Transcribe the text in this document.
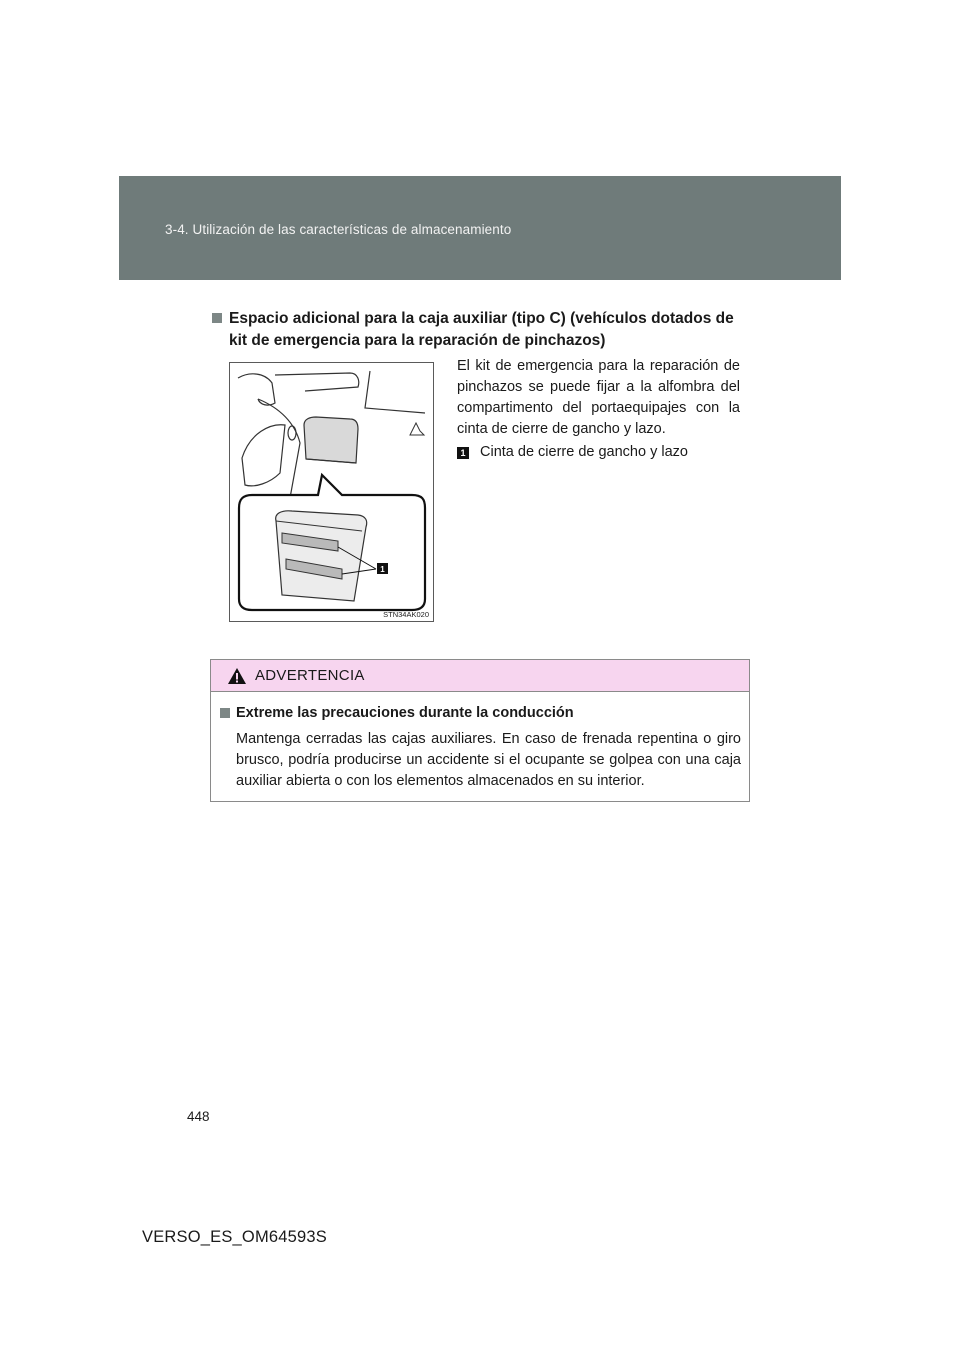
3-4. Utilización de las características de almacenamiento
Espacio adicional para la caja auxiliar (tipo C) (vehículos dotados de kit de emergencia para la reparación de pinchazos)
1
STN34AK020
El kit de emergencia para la reparación de pinchazos se puede fijar a la alfombra del compartimento del portaequipajes con la cinta de cierre de gancho y lazo.
1 Cinta de cierre de gancho y lazo
ADVERTENCIA
Extreme las precauciones durante la conducción
Mantenga cerradas las cajas auxiliares. En caso de frenada repentina o giro brusco, podría producirse un accidente si el ocupante se golpea con una caja auxiliar abierta o con los elementos almacenados en su interior.
448
VERSO_ES_OM64593S
